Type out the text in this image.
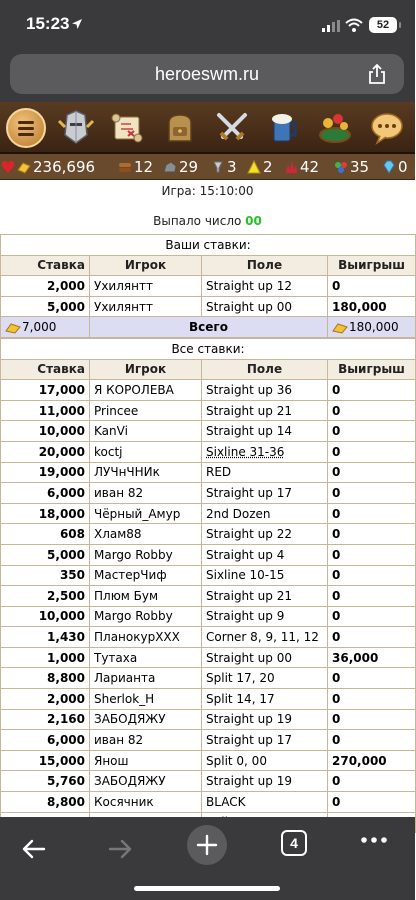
15:23	52
heroeswm.ru
236,696	12 29 3 2 42 35 0
Игра: 15:10:00
Выпало число 00
Ваши ставки:			
Ставка	Игрок	Поле	Выигрыш
2,000	Ухилянтт	Straight up 12	0
5,000	Ухилянтт	Straight up 00	180,000
7,000	Всего		180,000
Все ставки:			
Ставка	Игрок	Поле	Выигрыш
17,000	Я КОРОЛЕВА	Straight up 36	0
11,000	Princee	Straight up 21	0
10,000	KanVi	Straight up 14	0
20,000	koctj	Sixline 31-36	0
19,000	ЛУЧнЧНИк	RED	0
6,000	иван 82	Straight up 17	0
18,000	Чёрный_Амур	2nd Dozen	0
608	Хлам88	Straight up 22	0
5,000	Margo Robby	Straight up 4	0
350	МастерЧиф	Sixline 10-15	0
2,500	Плюм Бум	Straight up 21	0
10,000	Margo Robby	Straight up 9	0
1,430	ПланокурXXX	Corner 8, 9, 11, 12	0
1,000	Тутаха	Straight up 00	36,000
8,800	Ларианта	Split 17, 20	0
2,000	Sherlok_H	Split 14, 17	0
2,160	ЗАБОДЯЖУ	Straight up 19	0
6,000	иван 82	Straight up 17	0
15,000	Янош	Split 0, 00	270,000
5,760	ЗАБОДЯЖУ	Straight up 19	0
8,800	Косячник	BLACK	0

4
